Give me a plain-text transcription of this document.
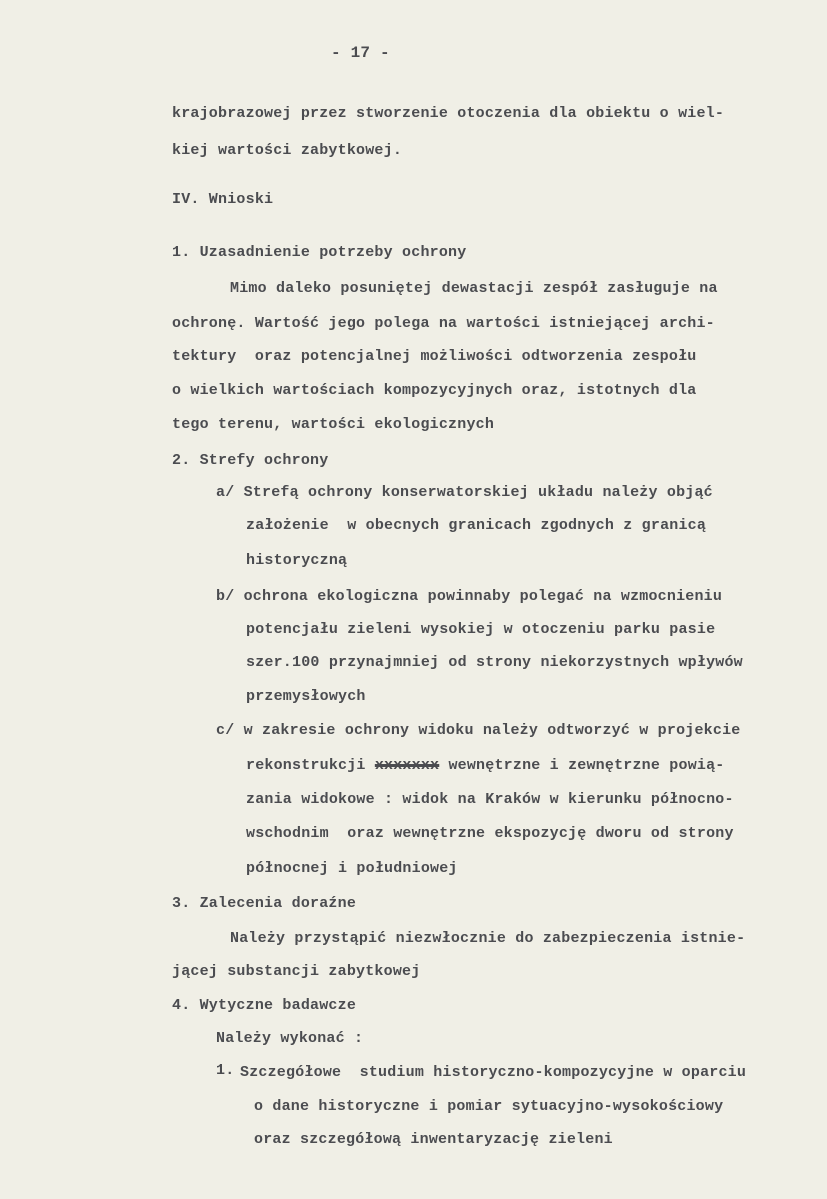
- 17 -
krajobrazowej przez stworzenie otoczenia dla obiektu o wiel-
kiej wartości zabytkowej.
IV. Wnioski
1. Uzasadnienie potrzeby ochrony
Mimo daleko posuniętej dewastacji zespół zasługuje na
ochronę. Wartość jego polega na wartości istniejącej archi-
tektury  oraz potencjalnej możliwości odtworzenia zespołu
o wielkich wartościach kompozycyjnych oraz, istotnych dla
tego terenu, wartości ekologicznych
2. Strefy ochrony
a/ Strefą ochrony konserwatorskiej układu należy objąć
założenie  w obecnych granicach zgodnych z granicą
historyczną
b/ ochrona ekologiczna powinnaby polegać na wzmocnieniu
potencjału zieleni wysokiej w otoczeniu parku pasie
szer.100 przynajmniej od strony niekorzystnych wpływów
przemysłowych
c/ w zakresie ochrony widoku należy odtworzyć w projekcie
rekonstrukcji xxxxxxx wewnętrzne i zewnętrzne powią-
zania widokowe : widok na Kraków w kierunku północno-
wschodnim  oraz wewnętrzne ekspozycję dworu od strony
północnej i południowej
3. Zalecenia doraźne
Należy przystąpić niezwłocznie do zabezpieczenia istnie-
jącej substancji zabytkowej
4. Wytyczne badawcze
Należy wykonać :
1. Szczegółowe  studium historyczno-kompozycyjne w oparciu
o dane historyczne i pomiar sytuacyjno-wysokościowy
oraz szczegółową inwentaryzację zieleni
